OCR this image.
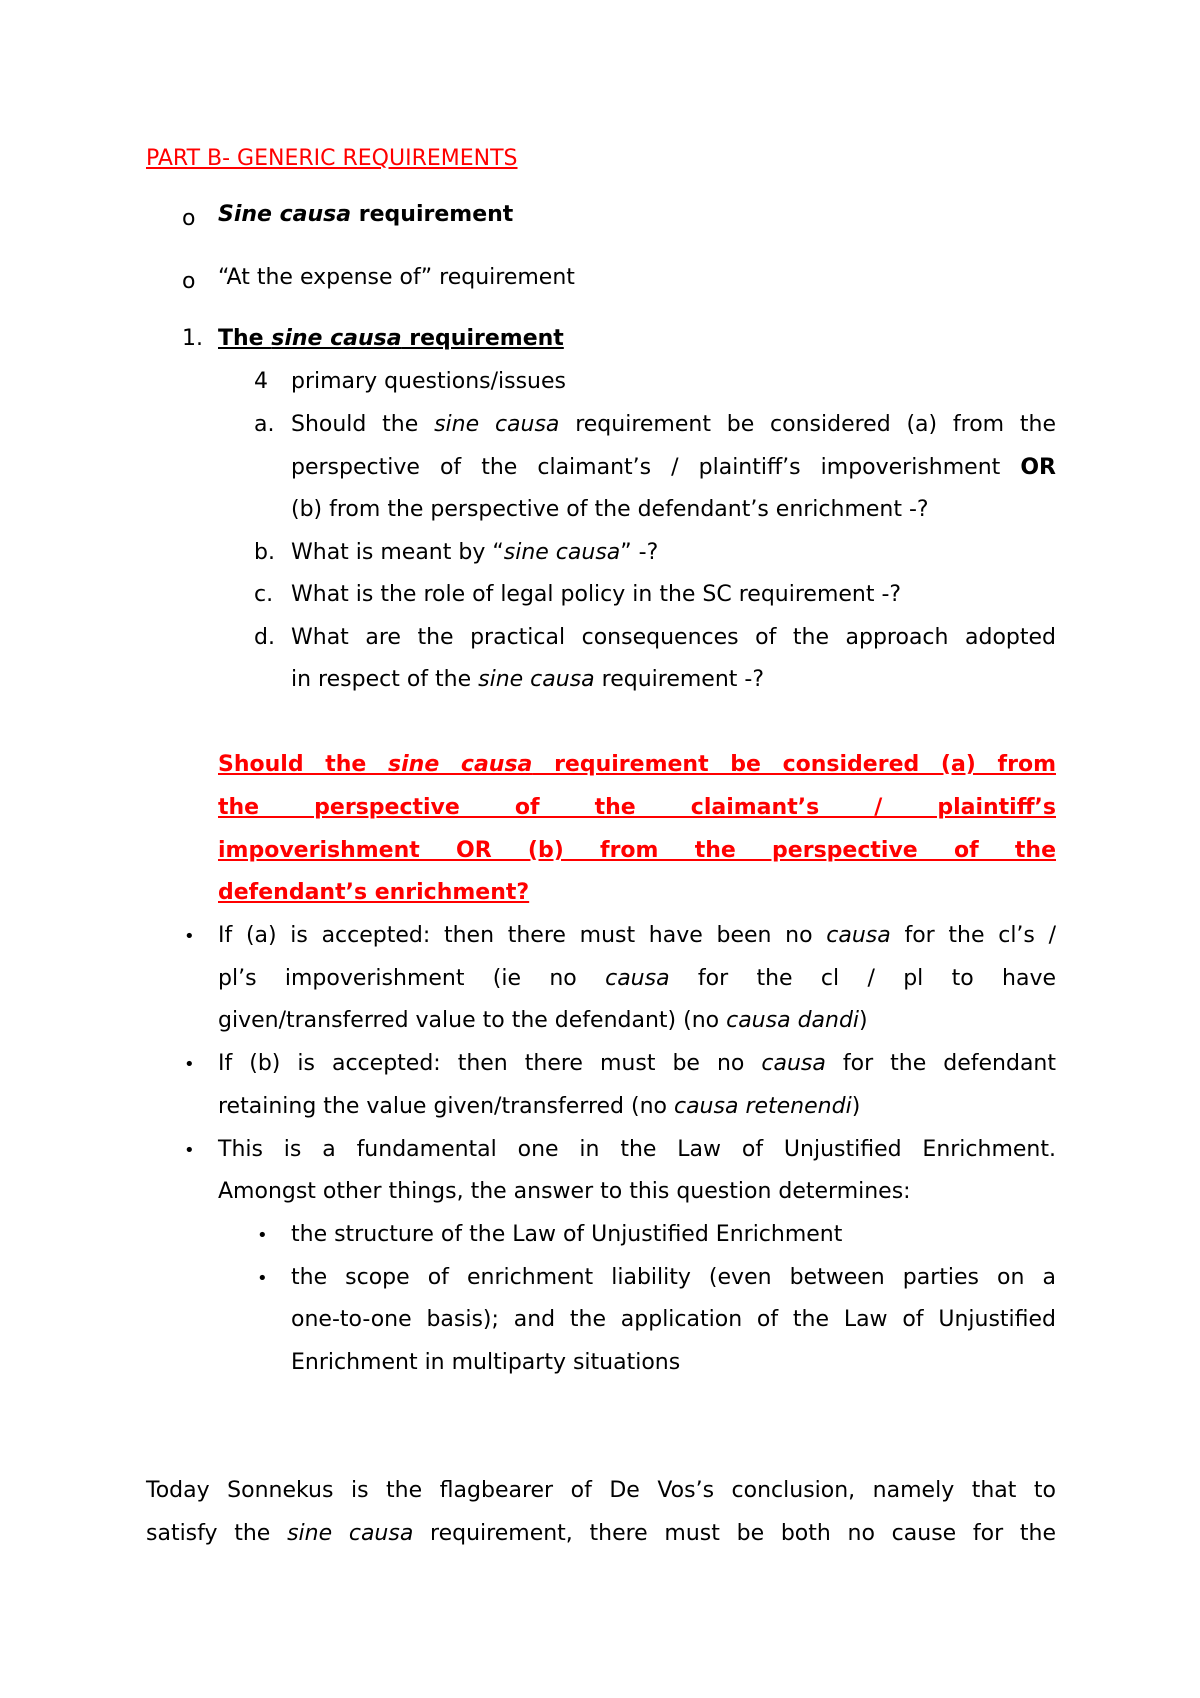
PART B- GENERIC REQUIREMENTS

o Sine causa requirement

o “At the expense of” requirement

1. The sine causa requirement

4 primary questions/issues

a. Should the sine causa requirement be considered (a) from the

perspective of the claimant’s / plaintiff’s impoverishment OR

(b) from the perspective of the defendant’s enrichment -?

b. What is meant by “sine causa” -?

c. What is the role of legal policy in the SC requirement -?

d. What are the practical consequences of the approach adopted

in respect of the sine causa requirement -?

Should the sine causa requirement be considered (a) from

the perspective of the claimant’s / plaintiff’s

impoverishment OR (b) from the perspective of the

defendant’s enrichment?

• If (a) is accepted: then there must have been no causa for the cl’s /

pl’s impoverishment (ie no causa for the cl / pl to have

given/transferred value to the defendant) (no causa dandi)

• If (b) is accepted: then there must be no causa for the defendant

retaining the value given/transferred (no causa retenendi)

• This is a fundamental one in the Law of Unjustified Enrichment.

Amongst other things, the answer to this question determines:

• the structure of the Law of Unjustified Enrichment

• the scope of enrichment liability (even between parties on a

one-to-one basis); and the application of the Law of Unjustified

Enrichment in multiparty situations

Today Sonnekus is the flagbearer of De Vos’s conclusion, namely that to

satisfy the sine causa requirement, there must be both no cause for the
